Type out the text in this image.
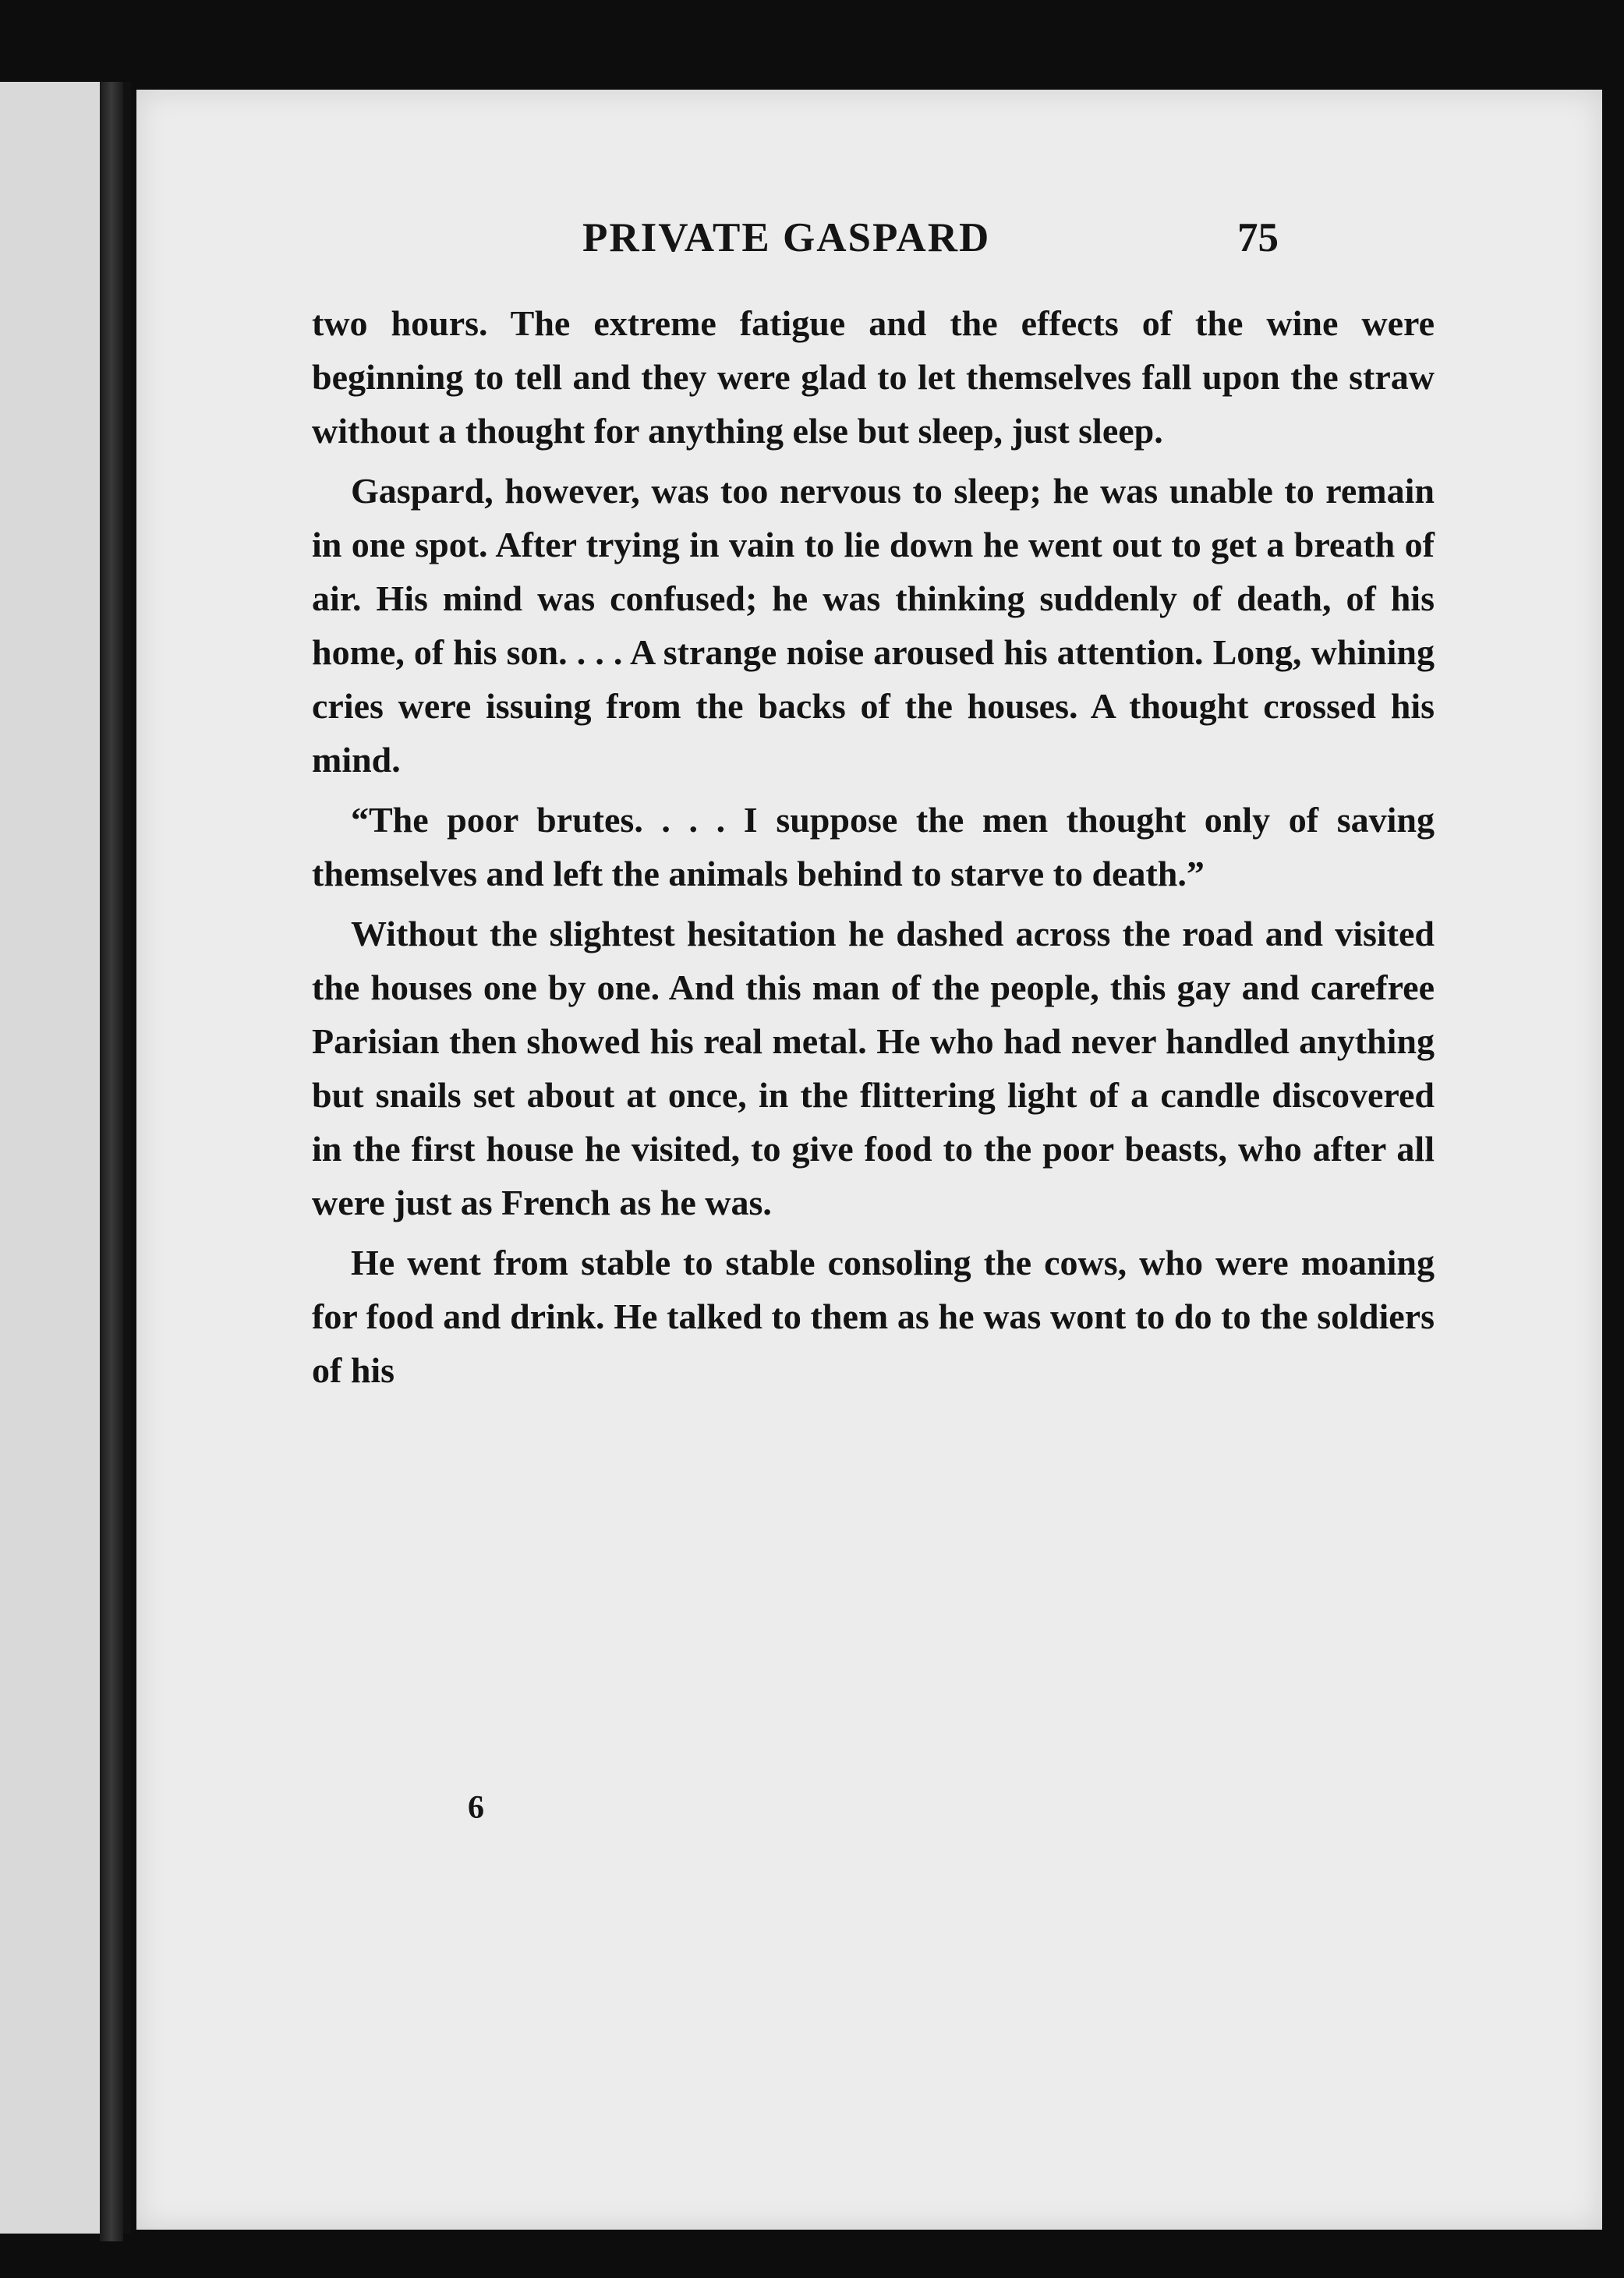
PRIVATE GASPARD	75

two hours. The extreme fatigue and the effects of the wine were beginning to tell and they were glad to let themselves fall upon the straw without a thought for anything else but sleep, just sleep.

Gaspard, however, was too nervous to sleep; he was unable to remain in one spot. After trying in vain to lie down he went out to get a breath of air. His mind was confused; he was thinking suddenly of death, of his home, of his son. . . . A strange noise aroused his attention. Long, whining cries were issuing from the backs of the houses. A thought crossed his mind.

“The poor brutes. . . . I suppose the men thought only of saving themselves and left the animals behind to starve to death.”

Without the slightest hesitation he dashed across the road and visited the houses one by one. And this man of the people, this gay and carefree Parisian then showed his real metal. He who had never handled anything but snails set about at once, in the flittering light of a candle discovered in the first house he visited, to give food to the poor beasts, who after all were just as French as he was.

He went from stable to stable consoling the cows, who were moaning for food and drink. He talked to them as he was wont to do to the soldiers of his

6
